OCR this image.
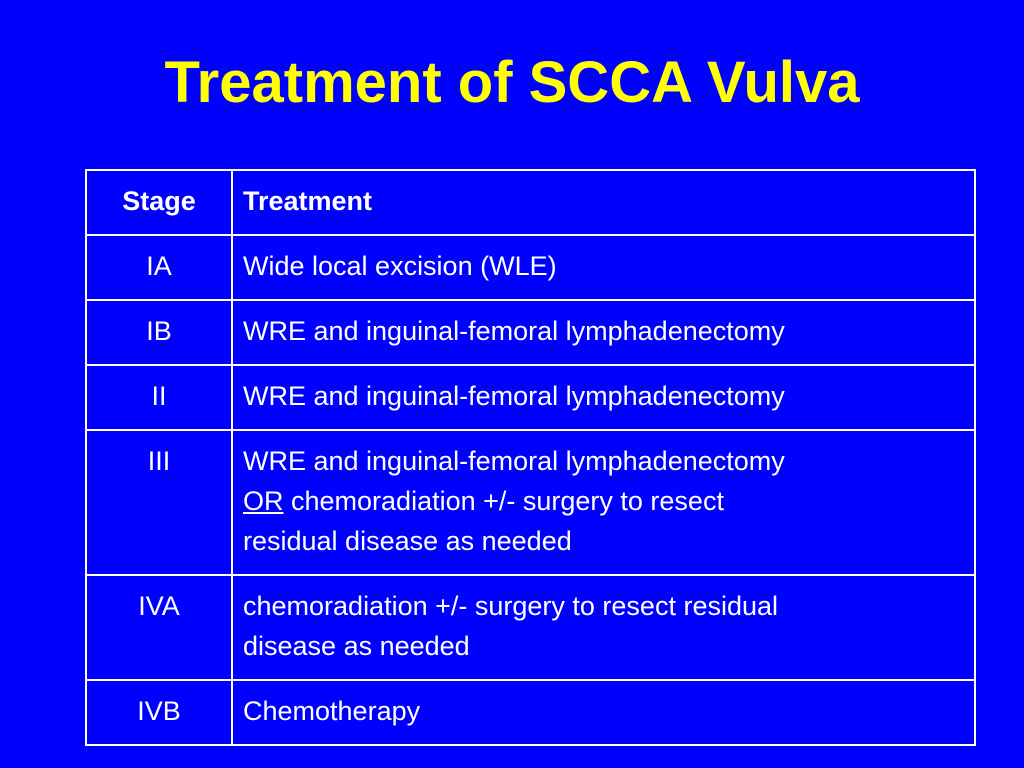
Treatment of SCCA Vulva
Stage	Treatment
IA	Wide local excision (WLE)
IB	WRE and inguinal-femoral lymphadenectomy
II	WRE and inguinal-femoral lymphadenectomy
III	WRE and inguinal-femoral lymphadenectomy
OR chemoradiation +/- surgery to resect
residual disease as needed

IVA	chemoradiation +/- surgery to resect residual
disease as needed

IVB	Chemotherapy
